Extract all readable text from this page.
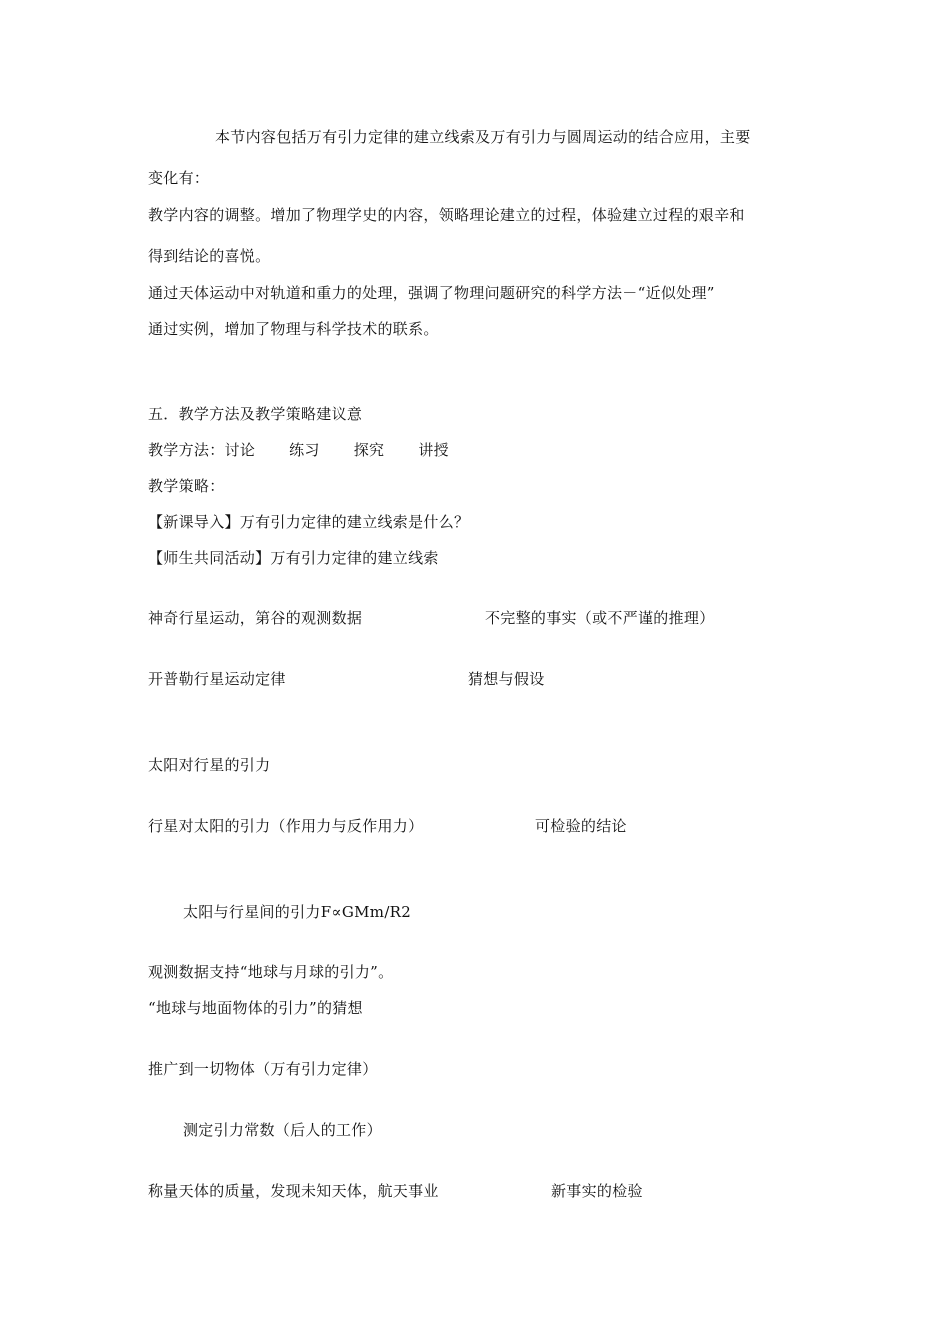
本节内容包括万有引力定律的建立线索及万有引力与圆周运动的结合应用，主要
变化有：
教学内容的调整。增加了物理学史的内容，领略理论建立的过程，体验建立过程的艰辛和
得到结论的喜悦。
通过天体运动中对轨道和重力的处理，强调了物理问题研究的科学方法－“近似处理”
通过实例，增加了物理与科学技术的联系。
五．教学方法及教学策略建议意
教学方法：讨论 练习 探究 讲授
教学策略：
【新课导入】万有引力定律的建立线索是什么？
【师生共同活动】万有引力定律的建立线索
神奇行星运动，第谷的观测数据	不完整的事实（或不严谨的推理）
开普勒行星运动定律	猜想与假设
太阳对行星的引力
行星对太阳的引力（作用力与反作用力）	可检验的结论
太阳与行星间的引力F∝GMm/R2
观测数据支持“地球与月球的引力”。
“地球与地面物体的引力”的猜想
推广到一切物体（万有引力定律）
测定引力常数（后人的工作）
称量天体的质量，发现未知天体，航天事业	新事实的检验
